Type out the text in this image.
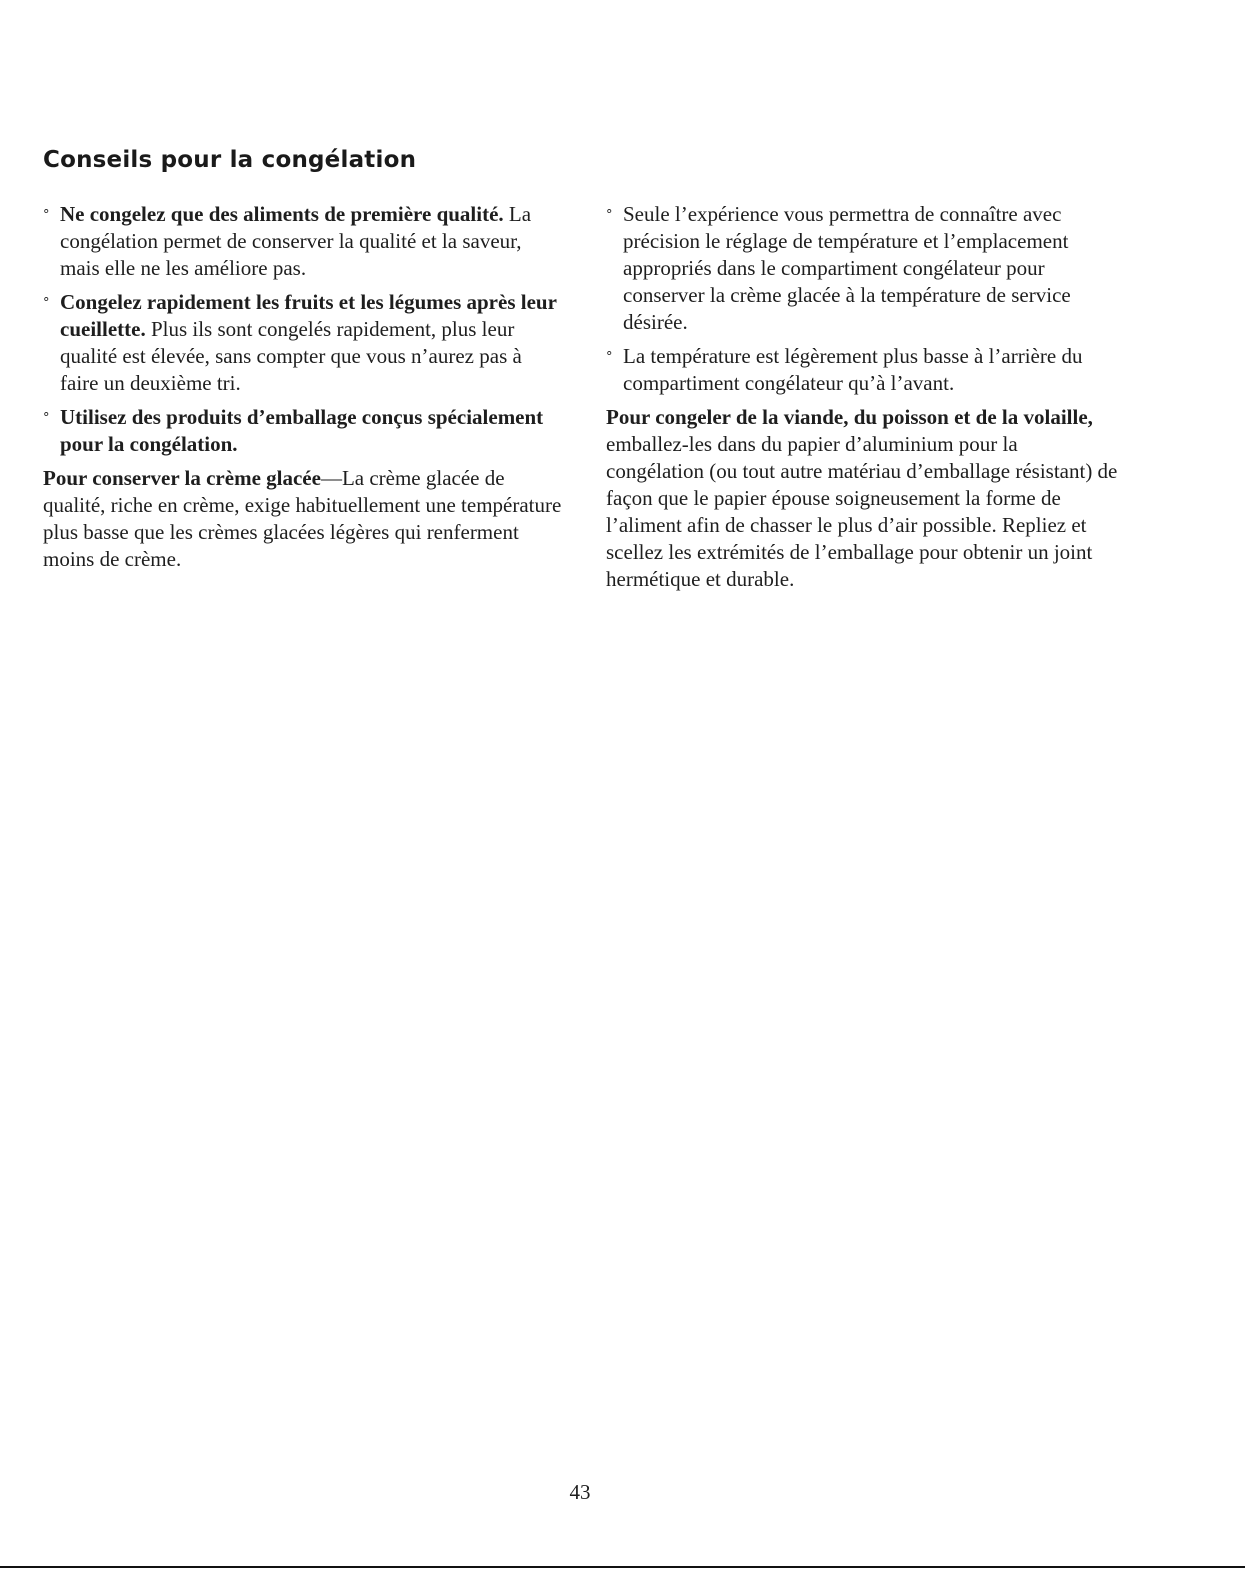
Conseils pour la congélation
° Ne congelez que des aliments de première qualité. La congélation permet de conserver la qualité et la saveur, mais elle ne les améliore pas.
° Congelez rapidement les fruits et les légumes après leur cueillette. Plus ils sont congelés rapidement, plus leur qualité est élevée, sans compter que vous n’aurez pas à faire un deuxième tri.
° Utilisez des produits d’emballage conçus spécialement pour la congélation.

Pour conserver la crème glacée—La crème glacée de qualité, riche en crème, exige habituellement une température plus basse que les crèmes glacées légères qui renferment moins de crème.

° Seule l’expérience vous permettra de connaître avec précision le réglage de température et l’emplacement appropriés dans le compartiment congélateur pour conserver la crème glacée à la température de service désirée.
° La température est légèrement plus basse à l’arrière du compartiment congélateur qu’à l’avant.

Pour congeler de la viande, du poisson et de la volaille, emballez-les dans du papier d’aluminium pour la congélation (ou tout autre matériau d’emballage résistant) de façon que le papier épouse soigneusement la forme de l’aliment afin de chasser le plus d’air possible. Repliez et scellez les extrémités de l’emballage pour obtenir un joint hermétique et durable.

43
